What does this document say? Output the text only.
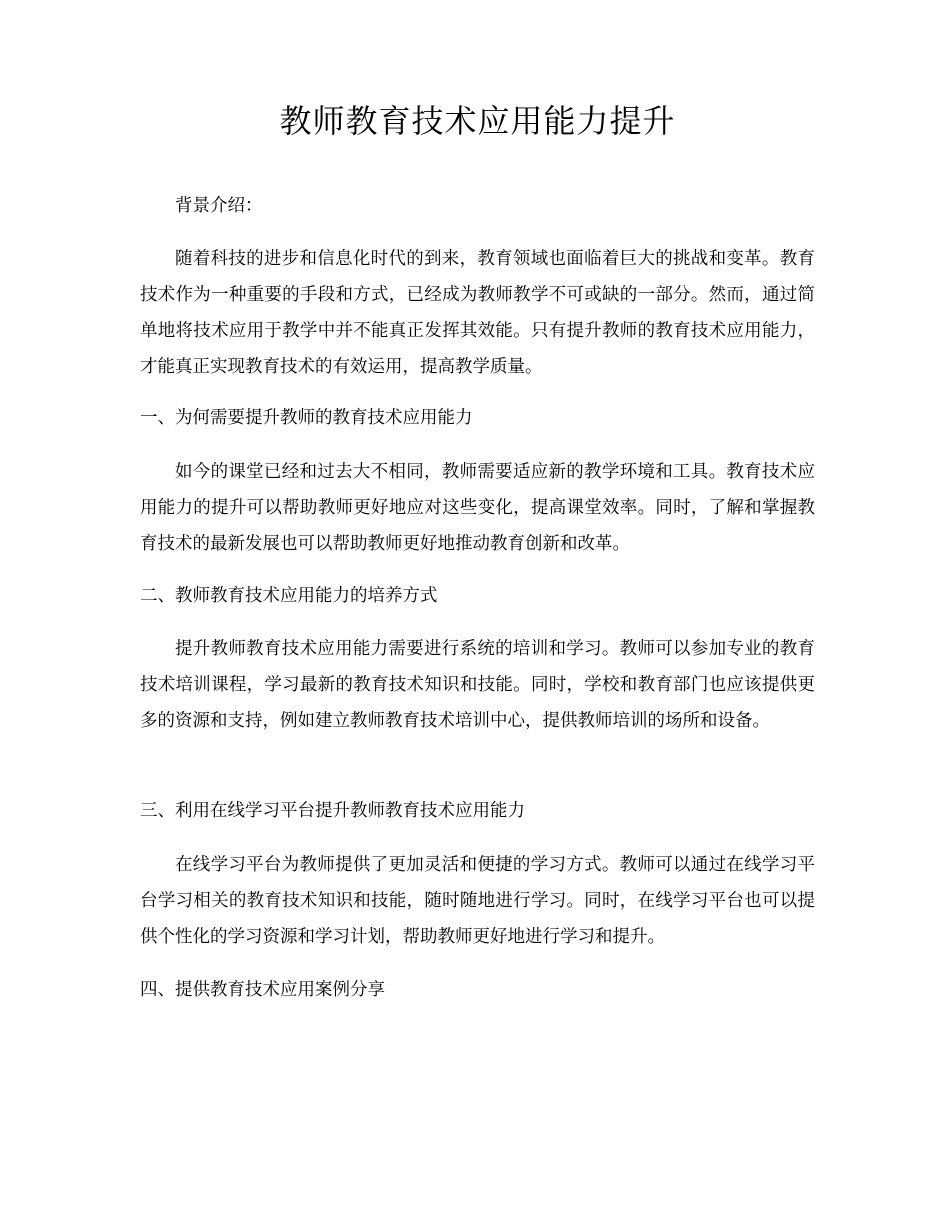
教师教育技术应用能力提升

背景介绍：

随着科技的进步和信息化时代的到来，教育领域也面临着巨大的挑战和变革。教育技术作为一种重要的手段和方式，已经成为教师教学不可或缺的一部分。然而，通过简单地将技术应用于教学中并不能真正发挥其效能。只有提升教师的教育技术应用能力，才能真正实现教育技术的有效运用，提高教学质量。

一、为何需要提升教师的教育技术应用能力

如今的课堂已经和过去大不相同，教师需要适应新的教学环境和工具。教育技术应用能力的提升可以帮助教师更好地应对这些变化，提高课堂效率。同时，了解和掌握教育技术的最新发展也可以帮助教师更好地推动教育创新和改革。

二、教师教育技术应用能力的培养方式

提升教师教育技术应用能力需要进行系统的培训和学习。教师可以参加专业的教育技术培训课程，学习最新的教育技术知识和技能。同时，学校和教育部门也应该提供更多的资源和支持，例如建立教师教育技术培训中心，提供教师培训的场所和设备。

三、利用在线学习平台提升教师教育技术应用能力

在线学习平台为教师提供了更加灵活和便捷的学习方式。教师可以通过在线学习平台学习相关的教育技术知识和技能，随时随地进行学习。同时，在线学习平台也可以提供个性化的学习资源和学习计划，帮助教师更好地进行学习和提升。

四、提供教育技术应用案例分享
